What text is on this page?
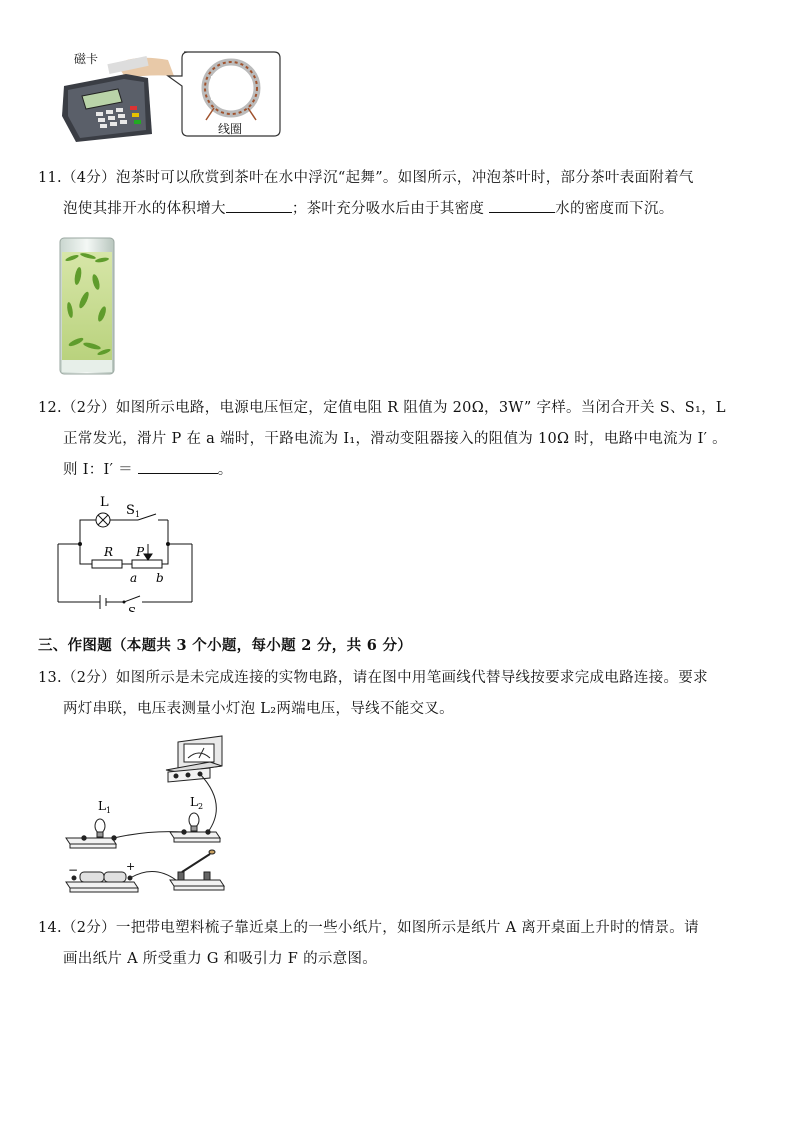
磁卡
线圈
11.（4分）泡茶时可以欣赏到茶叶在水中浮沉“起舞”。如图所示，冲泡茶叶时，部分茶叶表面附着气
泡使其排开水的体积增大	；茶叶充分吸水后由于其密度	水的密度而下沉。
12.（2分）如图所示电路，电源电压恒定，定值电阻 R 阻值为 20Ω，3W” 字样。当闭合开关 S、S₁，L
正常发光，滑片 P 在 a 端时，干路电流为 I₁，滑动变阻器接入的阻值为 10Ω 时，电路中电流为 I′ 。
则 I：I′ ＝	。
L
S 1
R P
a b
S
三、作图题（本题共 3 个小题，每小题 2 分，共 6 分）
13.（2分）如图所示是未完成连接的实物电路，请在图中用笔画线代替导线按要求完成电路连接。要求
两灯串联，电压表测量小灯泡 L₂两端电压，导线不能交叉。
L 1
L 2
−	+
14.（2分）一把带电塑料梳子靠近桌上的一些小纸片，如图所示是纸片 A 离开桌面上升时的情景。请
画出纸片 A 所受重力 G 和吸引力 F 的示意图。
